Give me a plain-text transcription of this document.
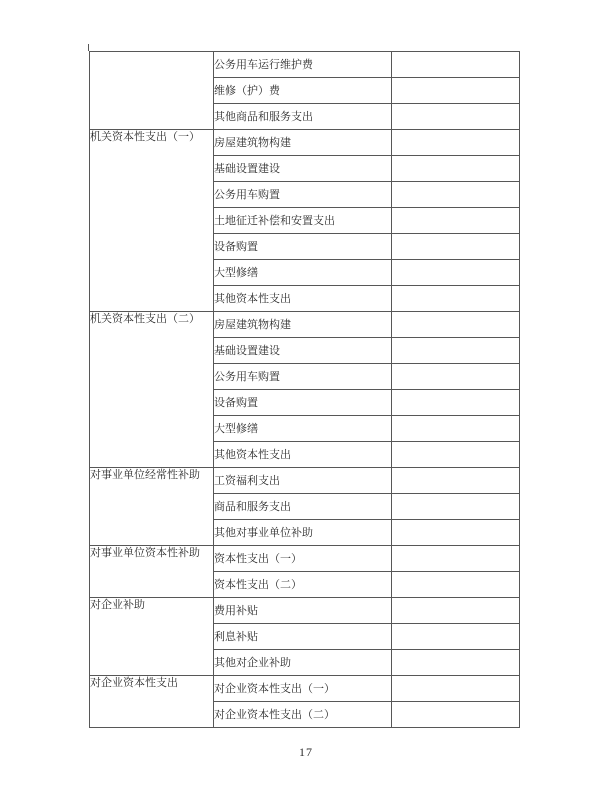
	公务用车运行维护费	
	维修（护）费	
	其他商品和服务支出	
机关资本性支出（一）	房屋建筑物构建	
	基础设置建设	
	公务用车购置	
	土地征迁补偿和安置支出	
	设备购置	
	大型修缮	
	其他资本性支出	
机关资本性支出（二）	房屋建筑物构建	
	基础设置建设	
	公务用车购置	
	设备购置	
	大型修缮	
	其他资本性支出	
对事业单位经常性补助	工资福利支出	
	商品和服务支出	
	其他对事业单位补助	
对事业单位资本性补助	资本性支出（一）	
	资本性支出（二）	
对企业补助	费用补贴	
	利息补贴	
	其他对企业补助	
对企业资本性支出	对企业资本性支出（一）	
	对企业资本性支出（二）	
17
